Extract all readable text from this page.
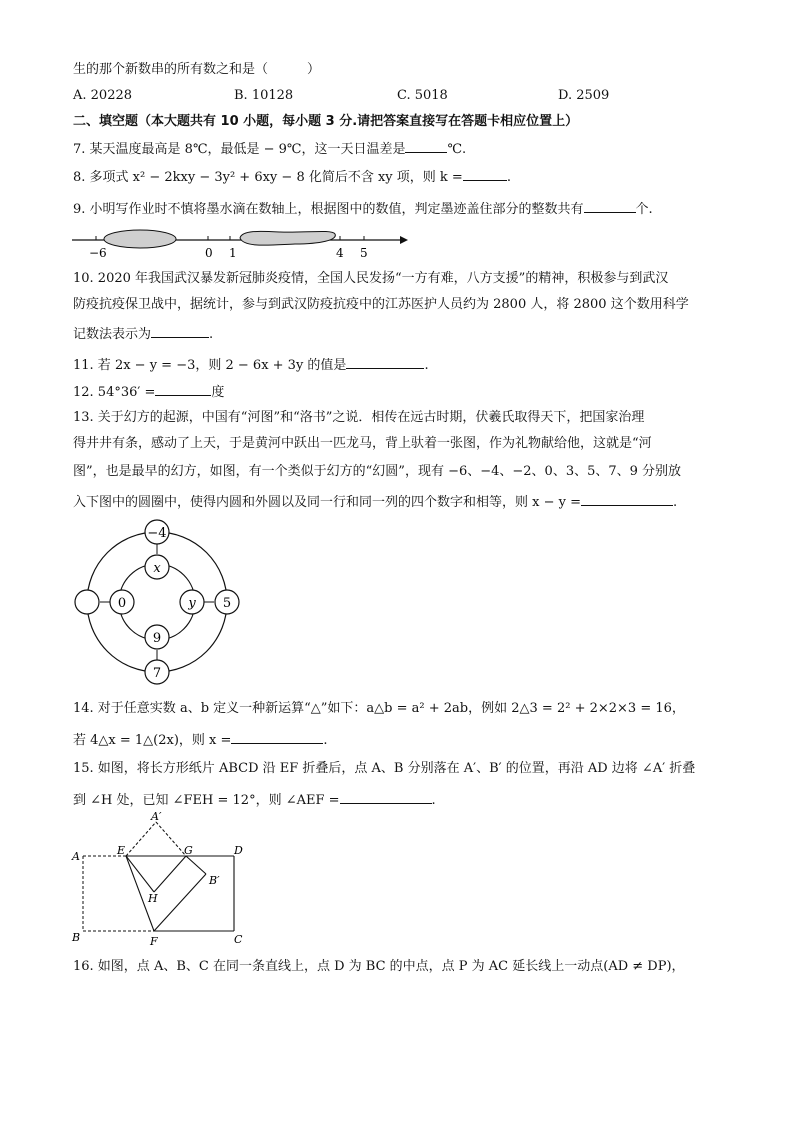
生的那个新数串的所有数之和是（　　　）
A. 20228	B. 10128	C. 5018	D. 2509
二、填空题（本大题共有 10 小题，每小题 3 分.请把答案直接写在答题卡相应位置上）
7. 某天温度最高是 8℃，最低是 − 9℃，这一天日温差是	℃.
8. 多项式 x² − 2kxy − 3y² + 6xy − 8 化简后不含 xy 项，则 k =	.
9. 小明写作业时不慎将墨水滴在数轴上，根据图中的数值，判定墨迹盖住部分的整数共有	个.
−6	0 1	4 5
10. 2020 年我国武汉暴发新冠肺炎疫情，全国人民发扬“一方有难，八方支援”的精神，积极参与到武汉
防疫抗疫保卫战中，据统计，参与到武汉防疫抗疫中的江苏医护人员约为 2800 人，将 2800 这个数用科学
记数法表示为	.
11. 若 2x − y = −3，则 2 − 6x + 3y 的值是	.
12. 54°36′ =	度
13. 关于幻方的起源，中国有“河图”和“洛书”之说．相传在远古时期，伏羲氏取得天下，把国家治理
得井井有条，感动了上天，于是黄河中跃出一匹龙马，背上驮着一张图，作为礼物献给他，这就是“河
图”，也是最早的幻方，如图，有一个类似于幻方的“幻圆”，现有 −6、−4、−2、0、3、5、7、9 分别放
入下图中的圆圈中，使得内圆和外圆以及同一行和同一列的四个数字和相等，则 x − y =	.
−4
x
0	y
9
5
7
14. 对于任意实数 a、b 定义一种新运算“△”如下：a△b = a² + 2ab，例如 2△3 = 2² + 2×2×3 = 16，
若 4△x = 1△(2x)，则 x =	.
15. 如图，将长方形纸片 ABCD 沿 EF 折叠后，点 A、B 分别落在 A′、B′ 的位置，再沿 AD 边将 ∠A′ 折叠
到 ∠H 处，已知 ∠FEH = 12°，则 ∠AEF =	.
A
B	C
D
E
F
G
H
A′
B′
16. 如图，点 A、B、C 在同一条直线上，点 D 为 BC 的中点，点 P 为 AC 延长线上一动点(AD ≠ DP)，
